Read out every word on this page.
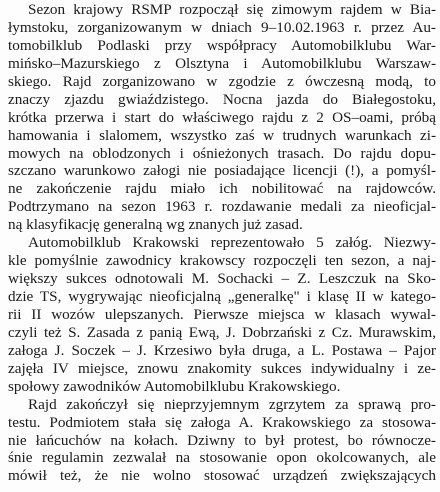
Sezon krajowy RSMP rozpoczął się zimowym rajdem w Bia-
łymstoku, zorganizowanym w dniach 9–10.02.1963 r. przez Au-
tomobilklub Podlaski przy współpracy Automobilklubu War-
mińsko–Mazurskiego z Olsztyna i Automobilklubu Warszaw-
skiego. Rajd zorganizowano w zgodzie z ówczesną modą, to
znaczy zjazdu gwiaździstego. Nocna jazda do Białegostoku,
krótka przerwa i start do właściwego rajdu z 2 OS–oami, próbą
hamowania i slalomem, wszystko zaś w trudnych warunkach zi-
mowych na oblodzonych i ośnieżonych trasach. Do rajdu dopu-
szczano warunkowo załogi nie posiadające licencji (!), a pomyśl-
ne zakończenie rajdu miało ich nobilitować na rajdowców.
Podtrzymano na sezon 1963 r. rozdawanie medali za nieoficjal-
ną klasyfikację generalną wg znanych już zasad.
Automobilklub Krakowski reprezentowało 5 załóg. Niezwy-
kle pomyślnie zawodnicy krakowscy rozpoczęli ten sezon, a naj-
większy sukces odnotowali M. Sochacki – Z. Leszczuk na Sko-
dzie TS, wygrywając nieoficjalną „generalkę" i klasę II w katego-
rii II wozów ulepszanych. Pierwsze miejsca w klasach wywal-
czyli też S. Zasada z panią Ewą, J. Dobrzański z Cz. Murawskim,
załoga J. Soczek – J. Krzesiwo była druga, a L. Postawa – Pajor
zajęła IV miejsce, znowu znakomity sukces indywidualny i ze-
społowy zawodników Automobilklubu Krakowskiego.
Rajd zakończył się nieprzyjemnym zgrzytem za sprawą pro-
testu. Podmiotem stała się załoga A. Krakowskiego za stosowa-
nie łańcuchów na kołach. Dziwny to był protest, bo równocze-
śnie regulamin zezwalał na stosowanie opon okolcowanych, ale
mówił też, że nie wolno stosować urządzeń zwiększających
